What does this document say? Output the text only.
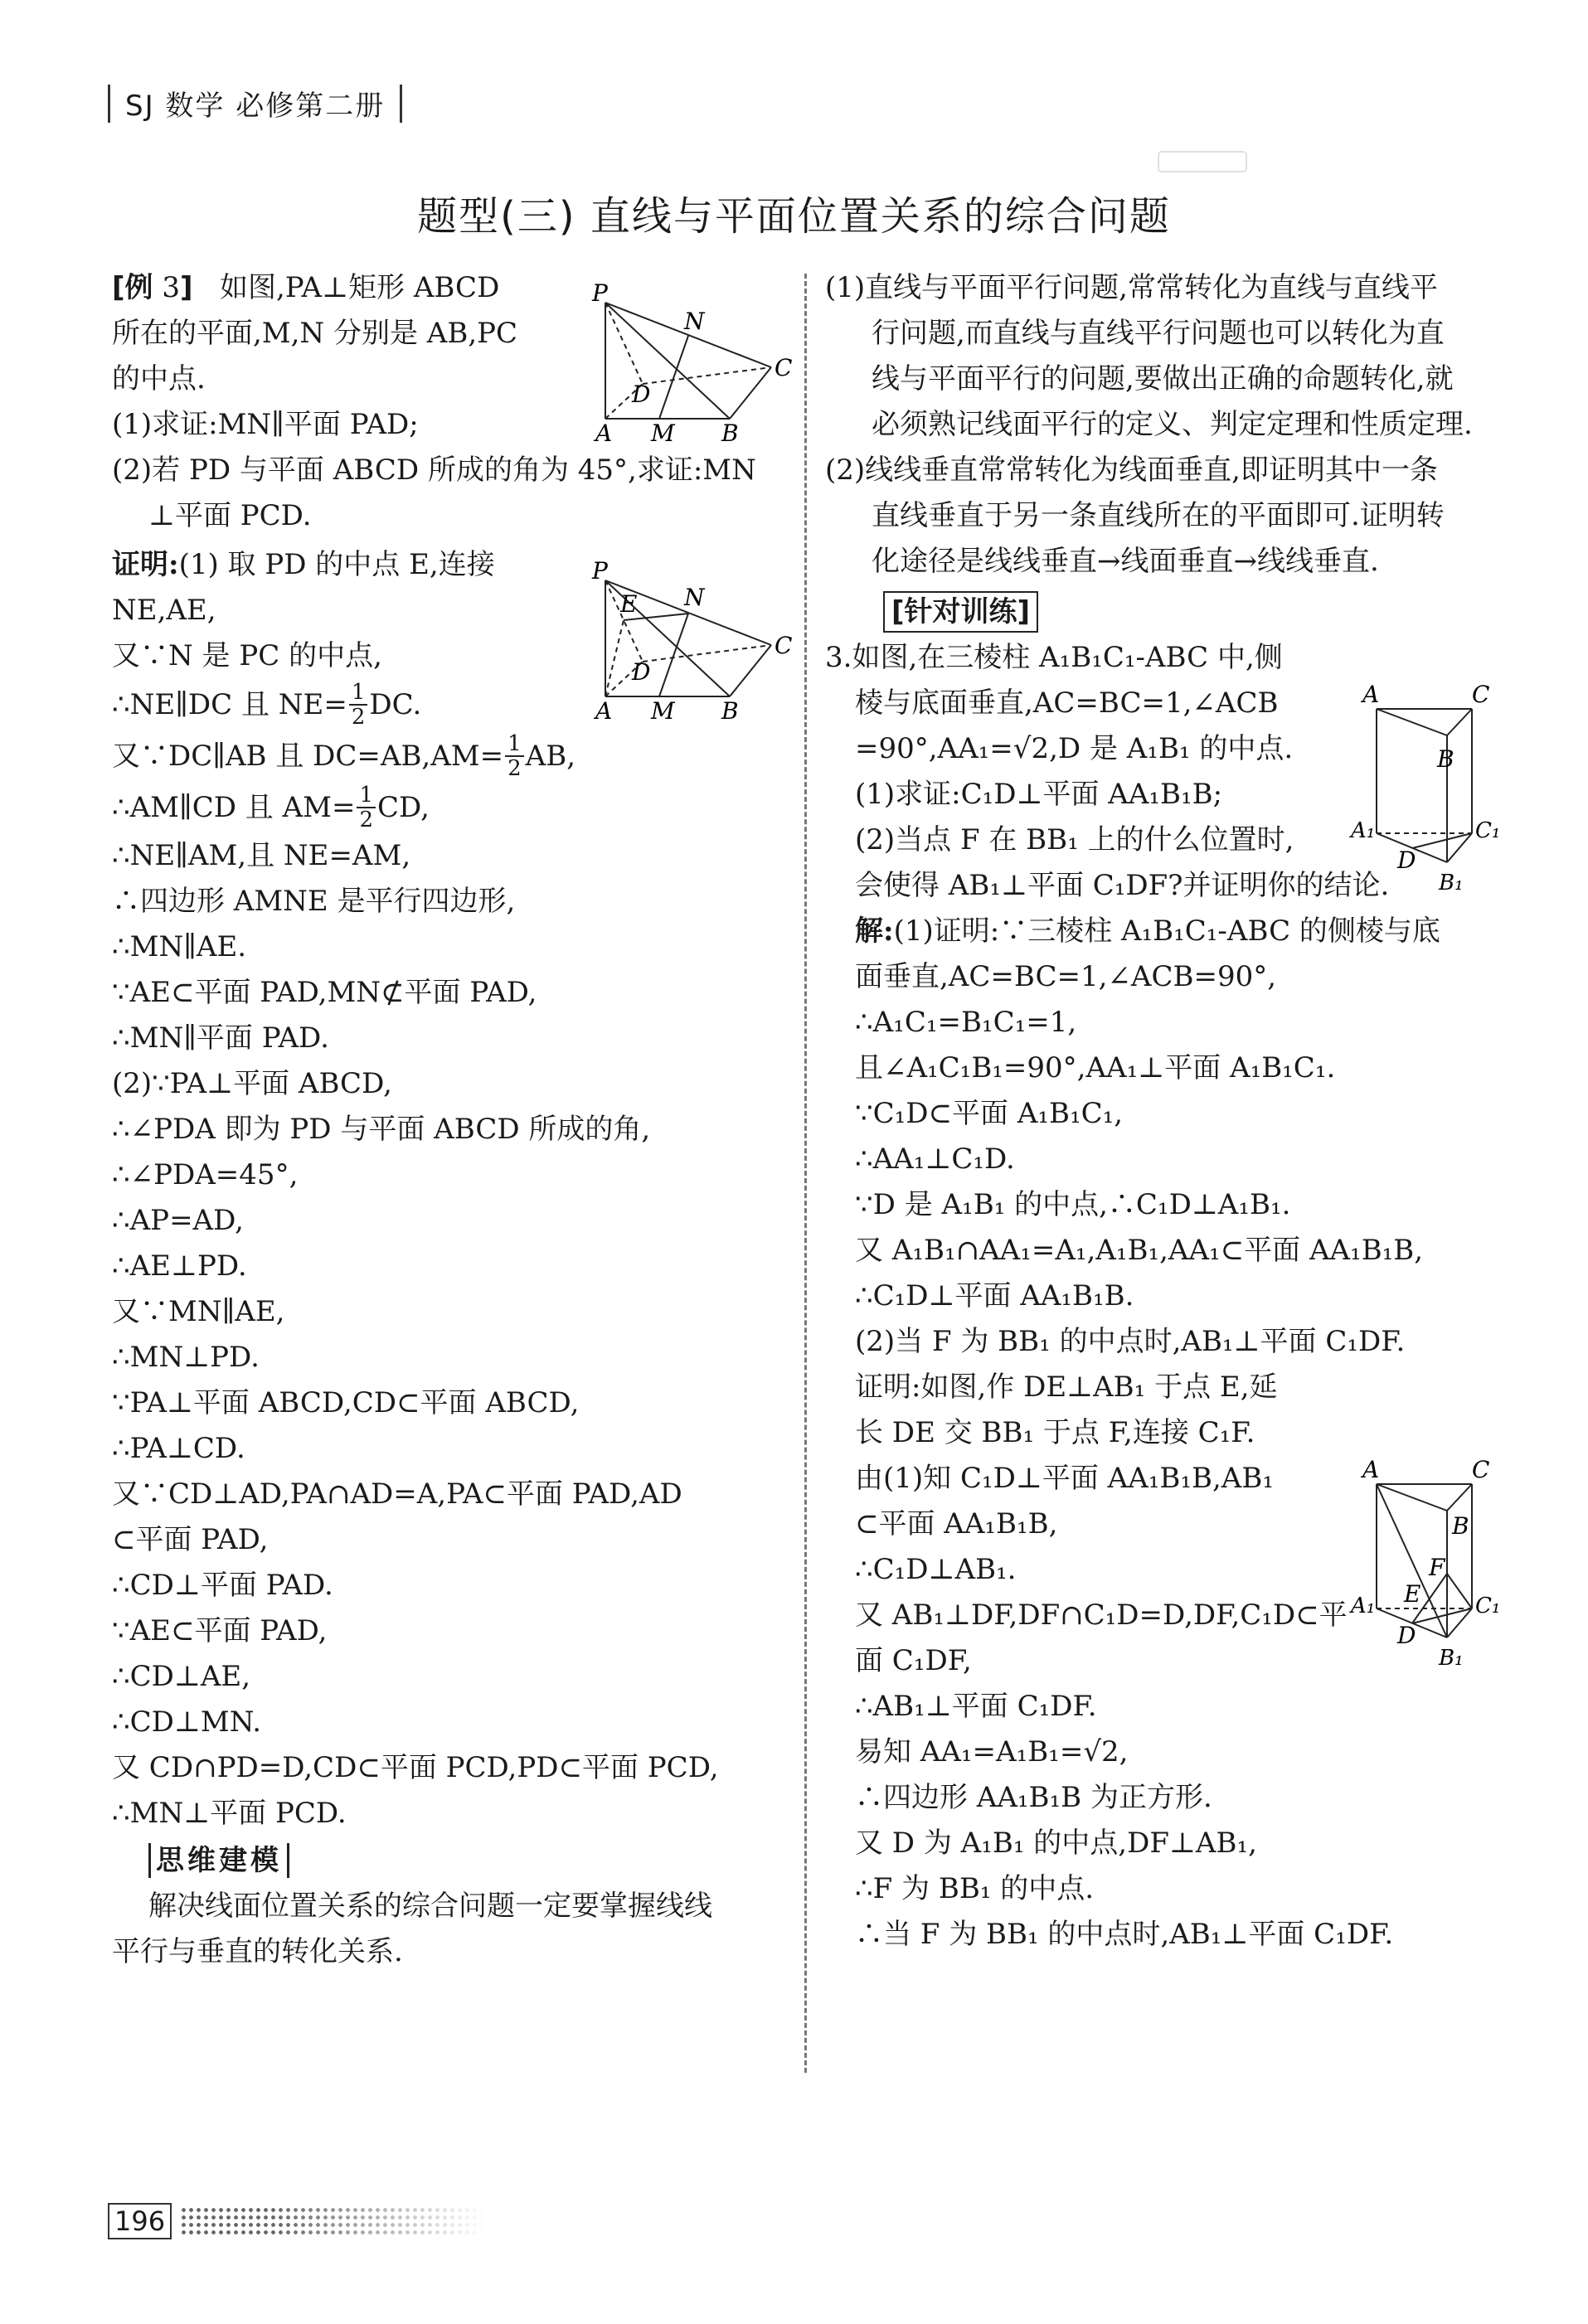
SJ 数学 必修第二册
题型(三) 直线与平面位置关系的综合问题
[例 3] 如图,PA⊥矩形 ABCD
所在的平面,M,N 分别是 AB,PC
的中点.
(1)求证:MN∥平面 PAD;
(2)若 PD 与平面 ABCD 所成的角为 45°,求证:MN
⊥平面 PCD.
证明:(1) 取 PD 的中点 E,连接
NE,AE,
又∵N 是 PC 的中点,
∴NE∥DC 且 $NE= \frac{1}{2}$ DC.
又∵DC∥AB 且 $DC=AB,AM= \frac{1}{2}$ AB,
∴AM∥CD 且 $AM= \frac{1}{2}$ CD,
∴NE∥AM,且 NE=AM,
∴四边形 AMNE 是平行四边形,
∴MN∥AE.
∵AE⊂平面 PAD,MN⊄平面 PAD,
∴MN∥平面 PAD.
(2)∵PA⊥平面 ABCD,
∴∠PDA 即为 PD 与平面 ABCD 所成的角,
∴∠PDA=45°,
∴AP=AD,
∴AE⊥PD.
又∵MN∥AE,
∴MN⊥PD.
∵PA⊥平面 ABCD,CD⊂平面 ABCD,
∴PA⊥CD.
又∵CD⊥AD,PA∩AD=A,PA⊂平面 PAD,AD
⊂平面 PAD,
∴CD⊥平面 PAD.
∵AE⊂平面 PAD,
∴CD⊥AE,
∴CD⊥MN.
又 CD∩PD=D,CD⊂平面 PCD,PD⊂平面 PCD,
∴MN⊥平面 PCD.
思维建模
解决线面位置关系的综合问题一定要掌握线线
平行与垂直的转化关系.
P
N
C
D
A M B
P
E N
C
D
A M B
(1)直线与平面平行问题,常常转化为直线与直线平
行问题,而直线与直线平行问题也可以转化为直
线与平面平行的问题,要做出正确的命题转化,就
必须熟记线面平行的定义、判定定理和性质定理.
(2)线线垂直常常转化为线面垂直,即证明其中一条
直线垂直于另一条直线所在的平面即可.证明转
化途径是线线垂直→线面垂直→线线垂直.
[针对训练]
3.如图,在三棱柱 A₁B₁C₁-ABC 中,侧
棱与底面垂直,AC=BC=1,∠ACB
=90°,AA₁=√2,D 是 A₁B₁ 的中点.
(1)求证:C₁D⊥平面 AA₁B₁B;
(2)当点 F 在 BB₁ 上的什么位置时,
会使得 AB₁⊥平面 C₁DF?并证明你的结论.
解:(1)证明:∵三棱柱 A₁B₁C₁-ABC 的侧棱与底
面垂直,AC=BC=1,∠ACB=90°,
∴A₁C₁=B₁C₁=1,
且∠A₁C₁B₁=90°,AA₁⊥平面 A₁B₁C₁.
∵C₁D⊂平面 A₁B₁C₁,
∴AA₁⊥C₁D.
∵D 是 A₁B₁ 的中点,∴C₁D⊥A₁B₁.
又 A₁B₁∩AA₁=A₁,A₁B₁,AA₁⊂平面 AA₁B₁B,
∴C₁D⊥平面 AA₁B₁B.
(2)当 F 为 BB₁ 的中点时,AB₁⊥平面 C₁DF.
证明:如图,作 DE⊥AB₁ 于点 E,延
长 DE 交 BB₁ 于点 F,连接 C₁F.
由(1)知 C₁D⊥平面 AA₁B₁B,AB₁
⊂平面 AA₁B₁B,
∴C₁D⊥AB₁.
又 AB₁⊥DF,DF∩C₁D=D,DF,C₁D⊂平
面 C₁DF,
∴AB₁⊥平面 C₁DF.
易知 AA₁=A₁B₁=√2,
∴四边形 AA₁B₁B 为正方形.
又 D 为 A₁B₁ 的中点,DF⊥AB₁,
∴F 为 BB₁ 的中点.
∴当 F 为 BB₁ 的中点时,AB₁⊥平面 C₁DF.
A	C
B
A₁	C₁
D
B₁
A	C
B
F
E
A₁	C₁
D
B₁
196
